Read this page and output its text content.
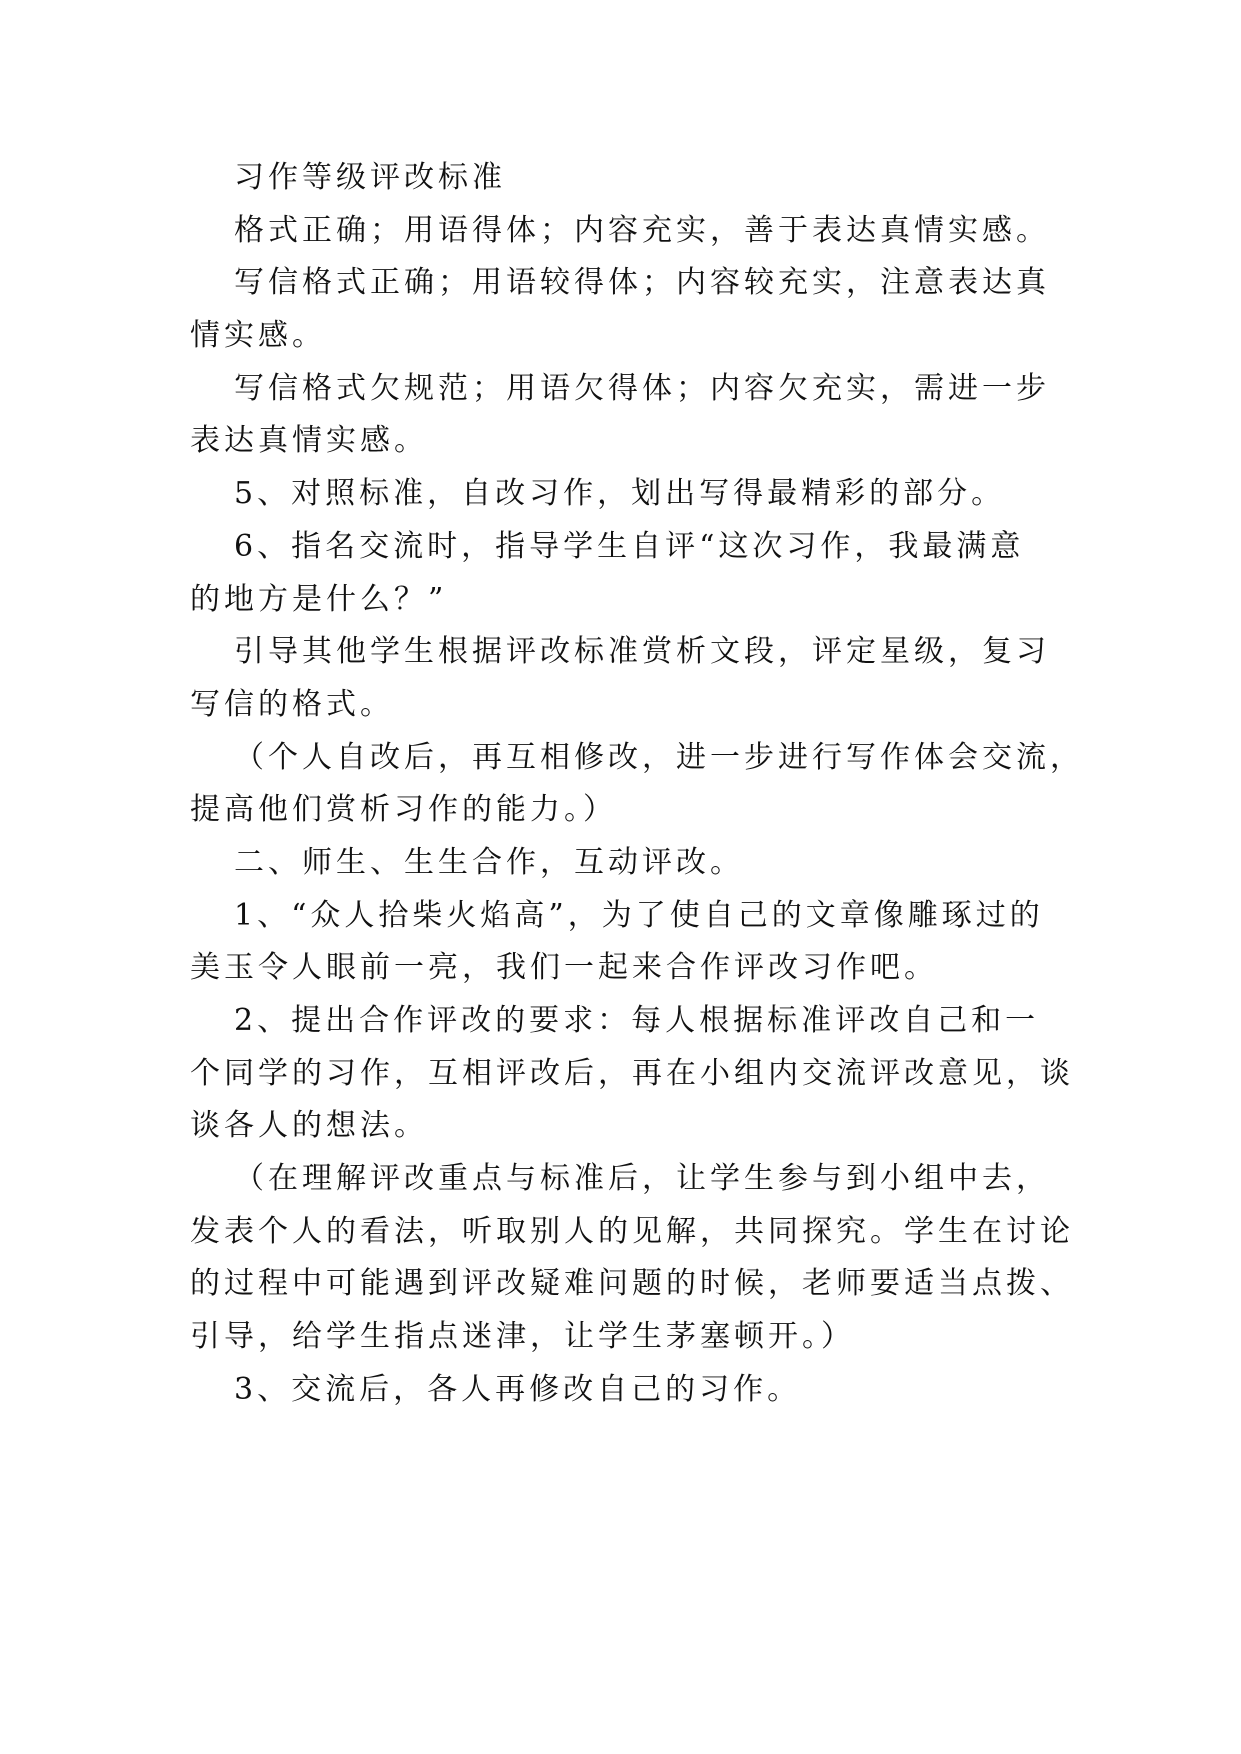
习作等级评改标准
格式正确；用语得体；内容充实，善于表达真情实感。
写信格式正确；用语较得体；内容较充实，注意表达真
情实感。
写信格式欠规范；用语欠得体；内容欠充实，需进一步
表达真情实感。
5、对照标准，自改习作，划出写得最精彩的部分。
6、指名交流时，指导学生自评“这次习作，我最满意
的地方是什么？”
引导其他学生根据评改标准赏析文段，评定星级，复习
写信的格式。
（个人自改后，再互相修改，进一步进行写作体会交流，
提高他们赏析习作的能力。）
二、师生、生生合作，互动评改。
1、“众人拾柴火焰高”，为了使自己的文章像雕琢过的
美玉令人眼前一亮，我们一起来合作评改习作吧。
2、提出合作评改的要求：每人根据标准评改自己和一
个同学的习作，互相评改后，再在小组内交流评改意见，谈
谈各人的想法。
（在理解评改重点与标准后，让学生参与到小组中去，
发表个人的看法，听取别人的见解，共同探究。学生在讨论
的过程中可能遇到评改疑难问题的时候，老师要适当点拨、
引导，给学生指点迷津，让学生茅塞顿开。）
3、交流后，各人再修改自己的习作。
